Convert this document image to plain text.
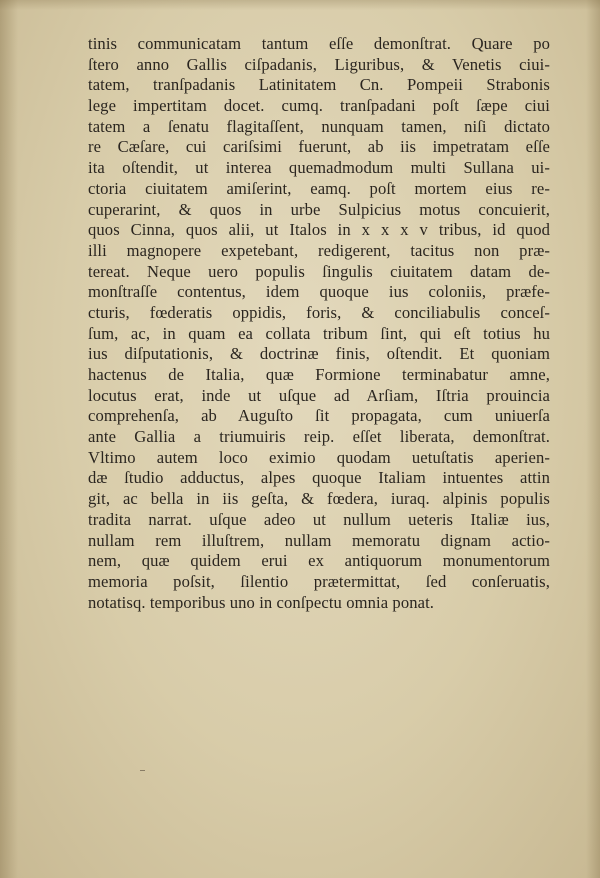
tinis communicatam tantum eſſe demonſtrat. Quare po
ſtero anno Gallis ciſpadanis, Liguribus, & Venetis ciui-
tatem, tranſpadanis Latinitatem Cn. Pompeii Strabonis
lege impertitam docet. cumq. tranſpadani poſt ſæpe ciui
tatem a ſenatu flagitaſſent, nunquam tamen, niſi dictato
re Cæſare, cui cariſsimi fuerunt, ab iis impetratam eſſe
ita oſtendit, ut interea quemadmodum multi Sullana ui-
ctoria ciuitatem amiſerint, eamq. poſt mortem eius re-
cuperarint, & quos in urbe Sulpicius motus concuierit,
quos Cinna, quos alii, ut Italos in x x x v tribus, id quod
illi magnopere expetebant, redigerent, tacitus non præ-
tereat. Neque uero populis ſingulis ciuitatem datam de-
monſtraſſe contentus, idem quoque ius coloniis, præfe-
cturis, fœderatis oppidis, foris, & conciliabulis conceſ-
ſum, ac, in quam ea collata tribum ſint, qui eſt totius hu
ius diſputationis, & doctrinæ finis, oſtendit. Et quoniam
hactenus de Italia, quæ Formione terminabatur amne,
locutus erat, inde ut uſque ad Arſiam, Iſtria prouincia
comprehenſa, ab Auguſto ſit propagata, cum uniuerſa
ante Gallia a triumuiris reip. eſſet liberata, demonſtrat.
Vltimo autem loco eximio quodam uetuſtatis aperien-
dæ ſtudio adductus, alpes quoque Italiam intuentes attin
git, ac bella in iis geſta, & fœdera, iuraq. alpinis populis
tradita narrat. uſque adeo ut nullum ueteris Italiæ ius,
nullam rem illuſtrem, nullam memoratu dignam actio-
nem, quæ quidem erui ex antiquorum monumentorum
memoria poſsit, ſilentio prætermittat, ſed conſeruatis,
notatisq. temporibus uno in conſpectu omnia ponat.
